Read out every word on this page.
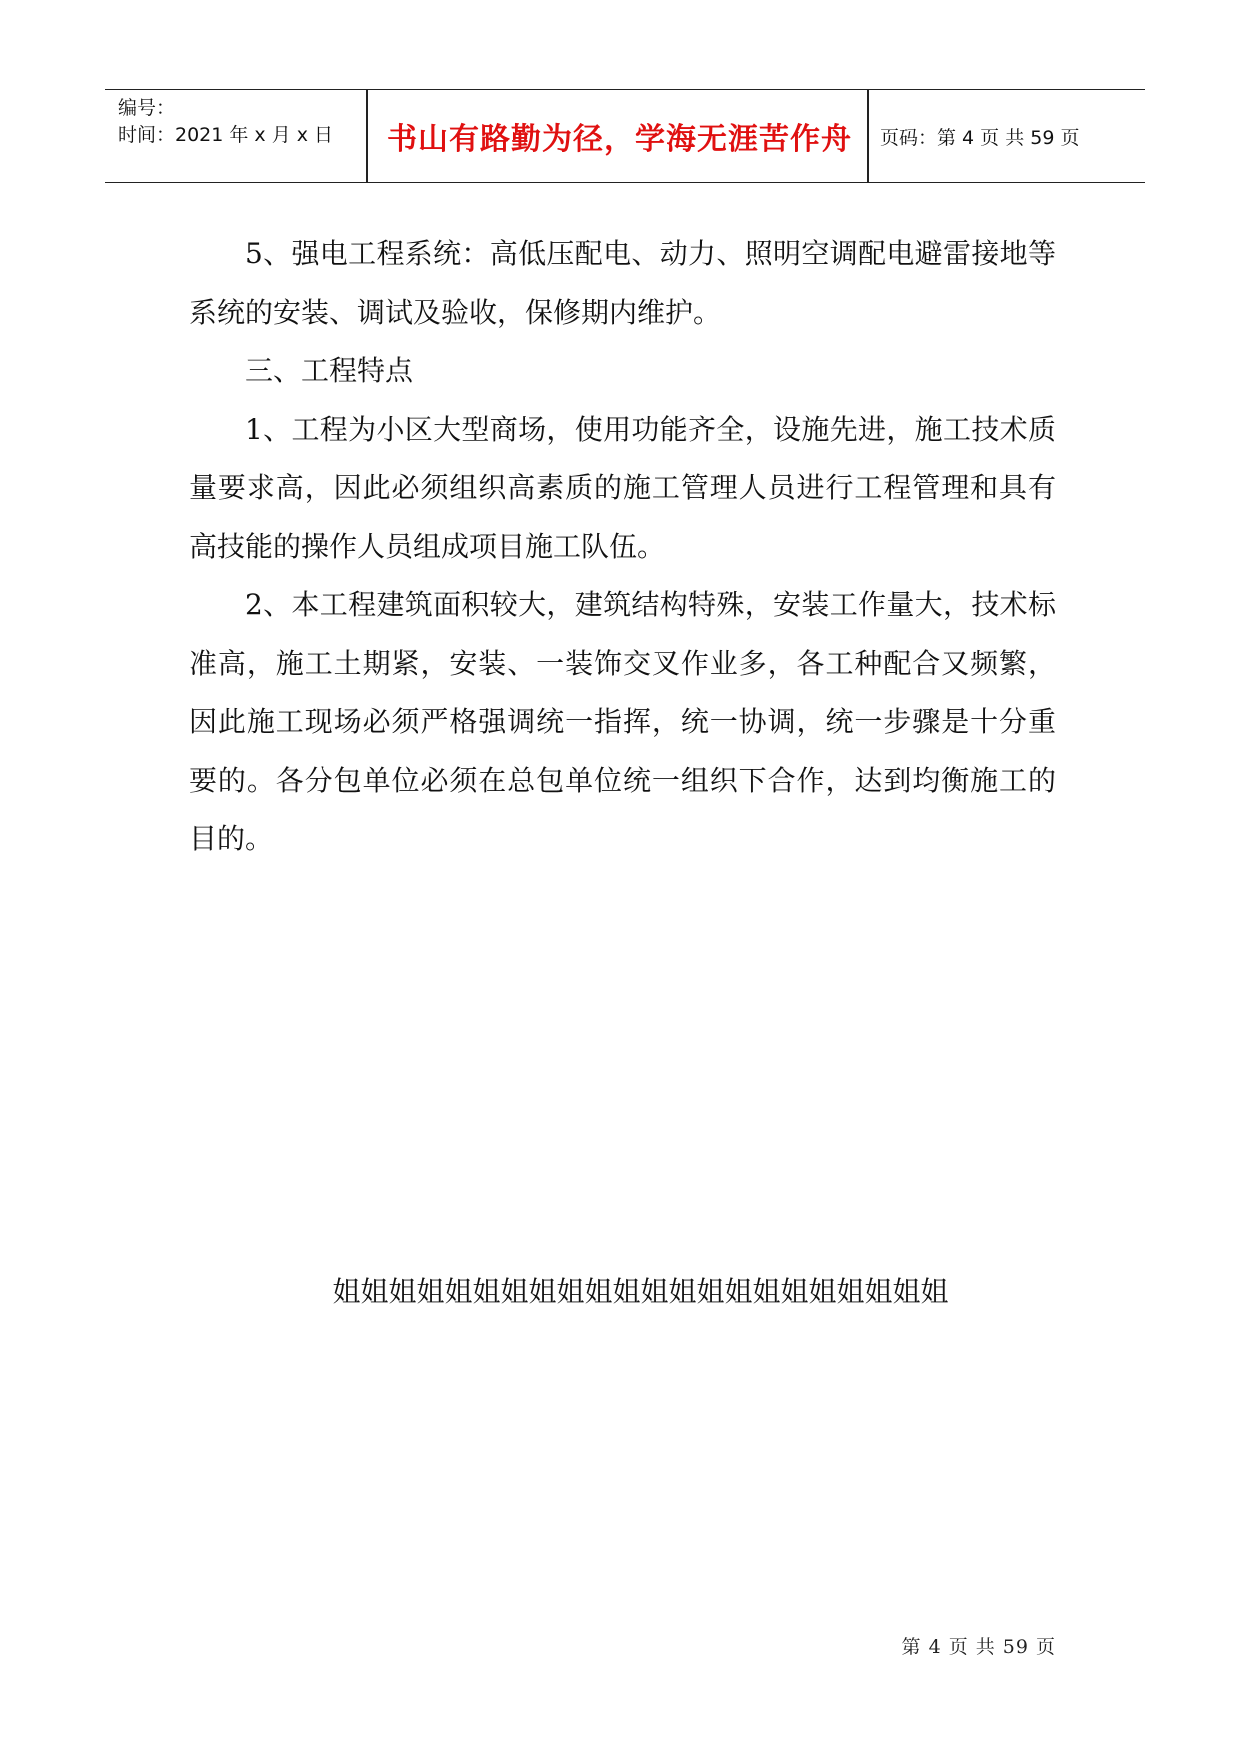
编号：
时间：2021 年 x 月 x 日	书山有路勤为径，学海无涯苦作舟	页码：第 4 页 共 59 页

5、强电工程系统：高低压配电、动力、照明空调配电避雷接地等系统的安装、调试及验收，保修期内维护。

三、工程特点

1、工程为小区大型商场，使用功能齐全，设施先进，施工技术质量要求高，因此必须组织高素质的施工管理人员进行工程管理和具有高技能的操作人员组成项目施工队伍。

2、本工程建筑面积较大，建筑结构特殊，安装工作量大，技术标准高，施工土期紧，安装、一装饰交叉作业多，各工种配合又频繁，因此施工现场必须严格强调统一指挥，统一协调，统一步骤是十分重要的。各分包单位必须在总包单位统一组织下合作，达到均衡施工的目的。

姐姐姐姐姐姐姐姐姐姐姐姐姐姐姐姐姐姐姐姐姐姐
第 4 页 共 59 页
